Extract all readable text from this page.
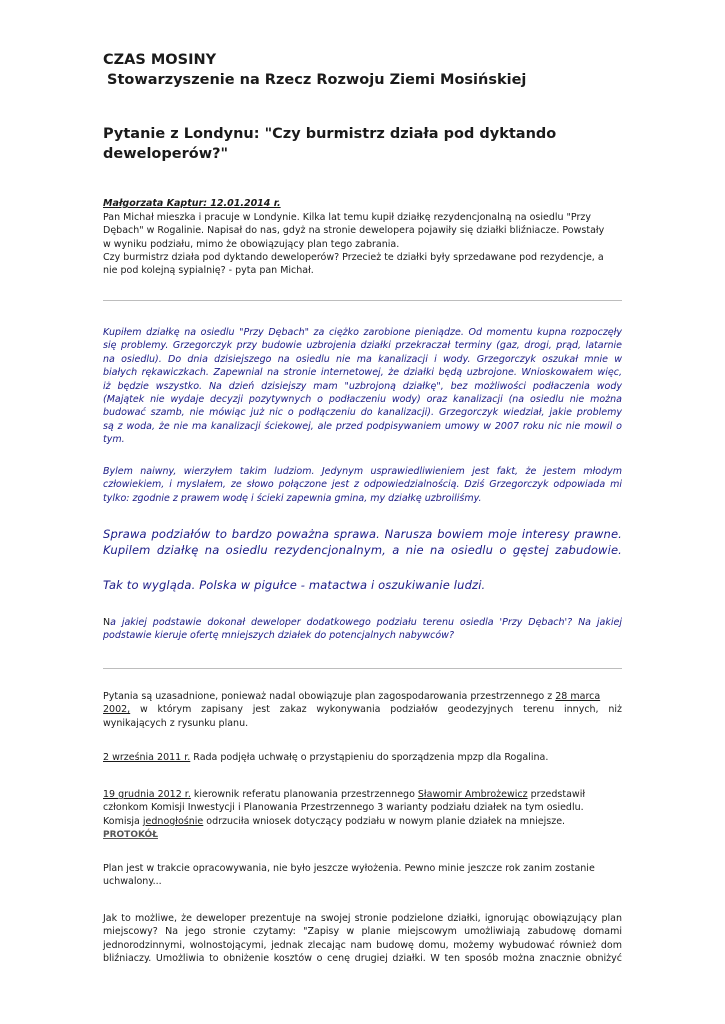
CZAS MOSINY
Stowarzyszenie na Rzecz Rozwoju Ziemi Mosińskiej
Pytanie z Londynu: "Czy burmistrz działa pod dyktando
deweloperów?"
Małgorzata Kaptur: 12.01.2014 r.
Pan Michał mieszka i pracuje w Londynie. Kilka lat temu kupił działkę rezydencjonalną na osiedlu "Przy
Dębach" w Rogalinie. Napisał do nas, gdyż na stronie dewelopera pojawiły się działki bliźniacze. Powstały
w wyniku podziału, mimo że obowiązujący plan tego zabrania.
Czy burmistrz działa pod dyktando deweloperów? Przecież te działki były sprzedawane pod rezydencje, a
nie pod kolejną sypialnię? - pyta pan Michał.
Kupiłem działkę na osiedlu "Przy Dębach" za ciężko zarobione pieniądze. Od momentu kupna rozpoczęły
się problemy. Grzegorczyk przy budowie uzbrojenia działki przekraczał terminy (gaz, drogi, prąd, latarnie
na osiedlu). Do dnia dzisiejszego na osiedlu nie ma kanalizacji i wody. Grzegorczyk oszukał mnie w
białych rękawiczkach. Zapewnial na stronie internetowej, że działki będą uzbrojone. Wnioskowałem więc,
iż będzie wszystko. Na dzień dzisiejszy mam "uzbrojoną działkę", bez możliwości podłaczenia wody
(Majątek nie wydaje decyzji pozytywnych o podłaczeniu wody) oraz kanalizacji (na osiedlu nie można
budować szamb, nie mówiąc już nic o podłączeniu do kanalizacji). Grzegorczyk wiedział, jakie problemy
są z woda, że nie ma kanalizacji ściekowej, ale przed podpisywaniem umowy w 2007 roku nic nie mowil o
tym.
Bylem naiwny, wierzyłem takim ludziom. Jedynym usprawiedliwieniem jest fakt, że jestem młodym
człowiekiem, i myslałem, ze słowo połączone jest z odpowiedzialnością. Dziś Grzegorczyk odpowiada mi
tylko: zgodnie z prawem wodę i ścieki zapewnia gmina, my działkę uzbroiliśmy.
Sprawa podziałów to bardzo poważna sprawa. Narusza bowiem moje interesy prawne.
Kupilem działkę na osiedlu rezydencjonalnym, a nie na osiedlu o gęstej zabudowie.
Tak to wygląda. Polska w pigułce - matactwa i oszukiwanie ludzi.
Na jakiej podstawie dokonał deweloper dodatkowego podziału terenu osiedla 'Przy Dębach'? Na jakiej
podstawie kieruje ofertę mniejszych działek do potencjalnych nabywców?
Pytania są uzasadnione, ponieważ nadal obowiązuje plan zagospodarowania przestrzennego z 28 marca
2002, w którym zapisany jest zakaz wykonywania podziałów geodezyjnych terenu innych, niż
wynikających z rysunku planu.
2 września 2011 r. Rada podjęła uchwałę o przystąpieniu do sporządzenia mpzp dla Rogalina.
19 grudnia 2012 r. kierownik referatu planowania przestrzennego Sławomir Ambrożewicz przedstawił
członkom Komisji Inwestycji i Planowania Przestrzennego 3 warianty podziału działek na tym osiedlu.
Komisja jednogłośnie odrzuciła wniosek dotyczący podziału w nowym planie działek na mniejsze.
PROTOKÓŁ
Plan jest w trakcie opracowywania, nie było jeszcze wyłożenia. Pewno minie jeszcze rok zanim zostanie
uchwalony...
Jak to możliwe, że deweloper prezentuje na swojej stronie podzielone działki, ignorując obowiązujący plan
miejscowy? Na jego stronie czytamy: "Zapisy w planie miejscowym umożliwiają zabudowę domami
jednorodzinnymi, wolnostojącymi, jednak zlecając nam budowę domu, możemy wybudować również dom
bliźniaczy. Umożliwia to obniżenie kosztów o cenę drugiej działki. W ten sposób można znacznie obniżyć
